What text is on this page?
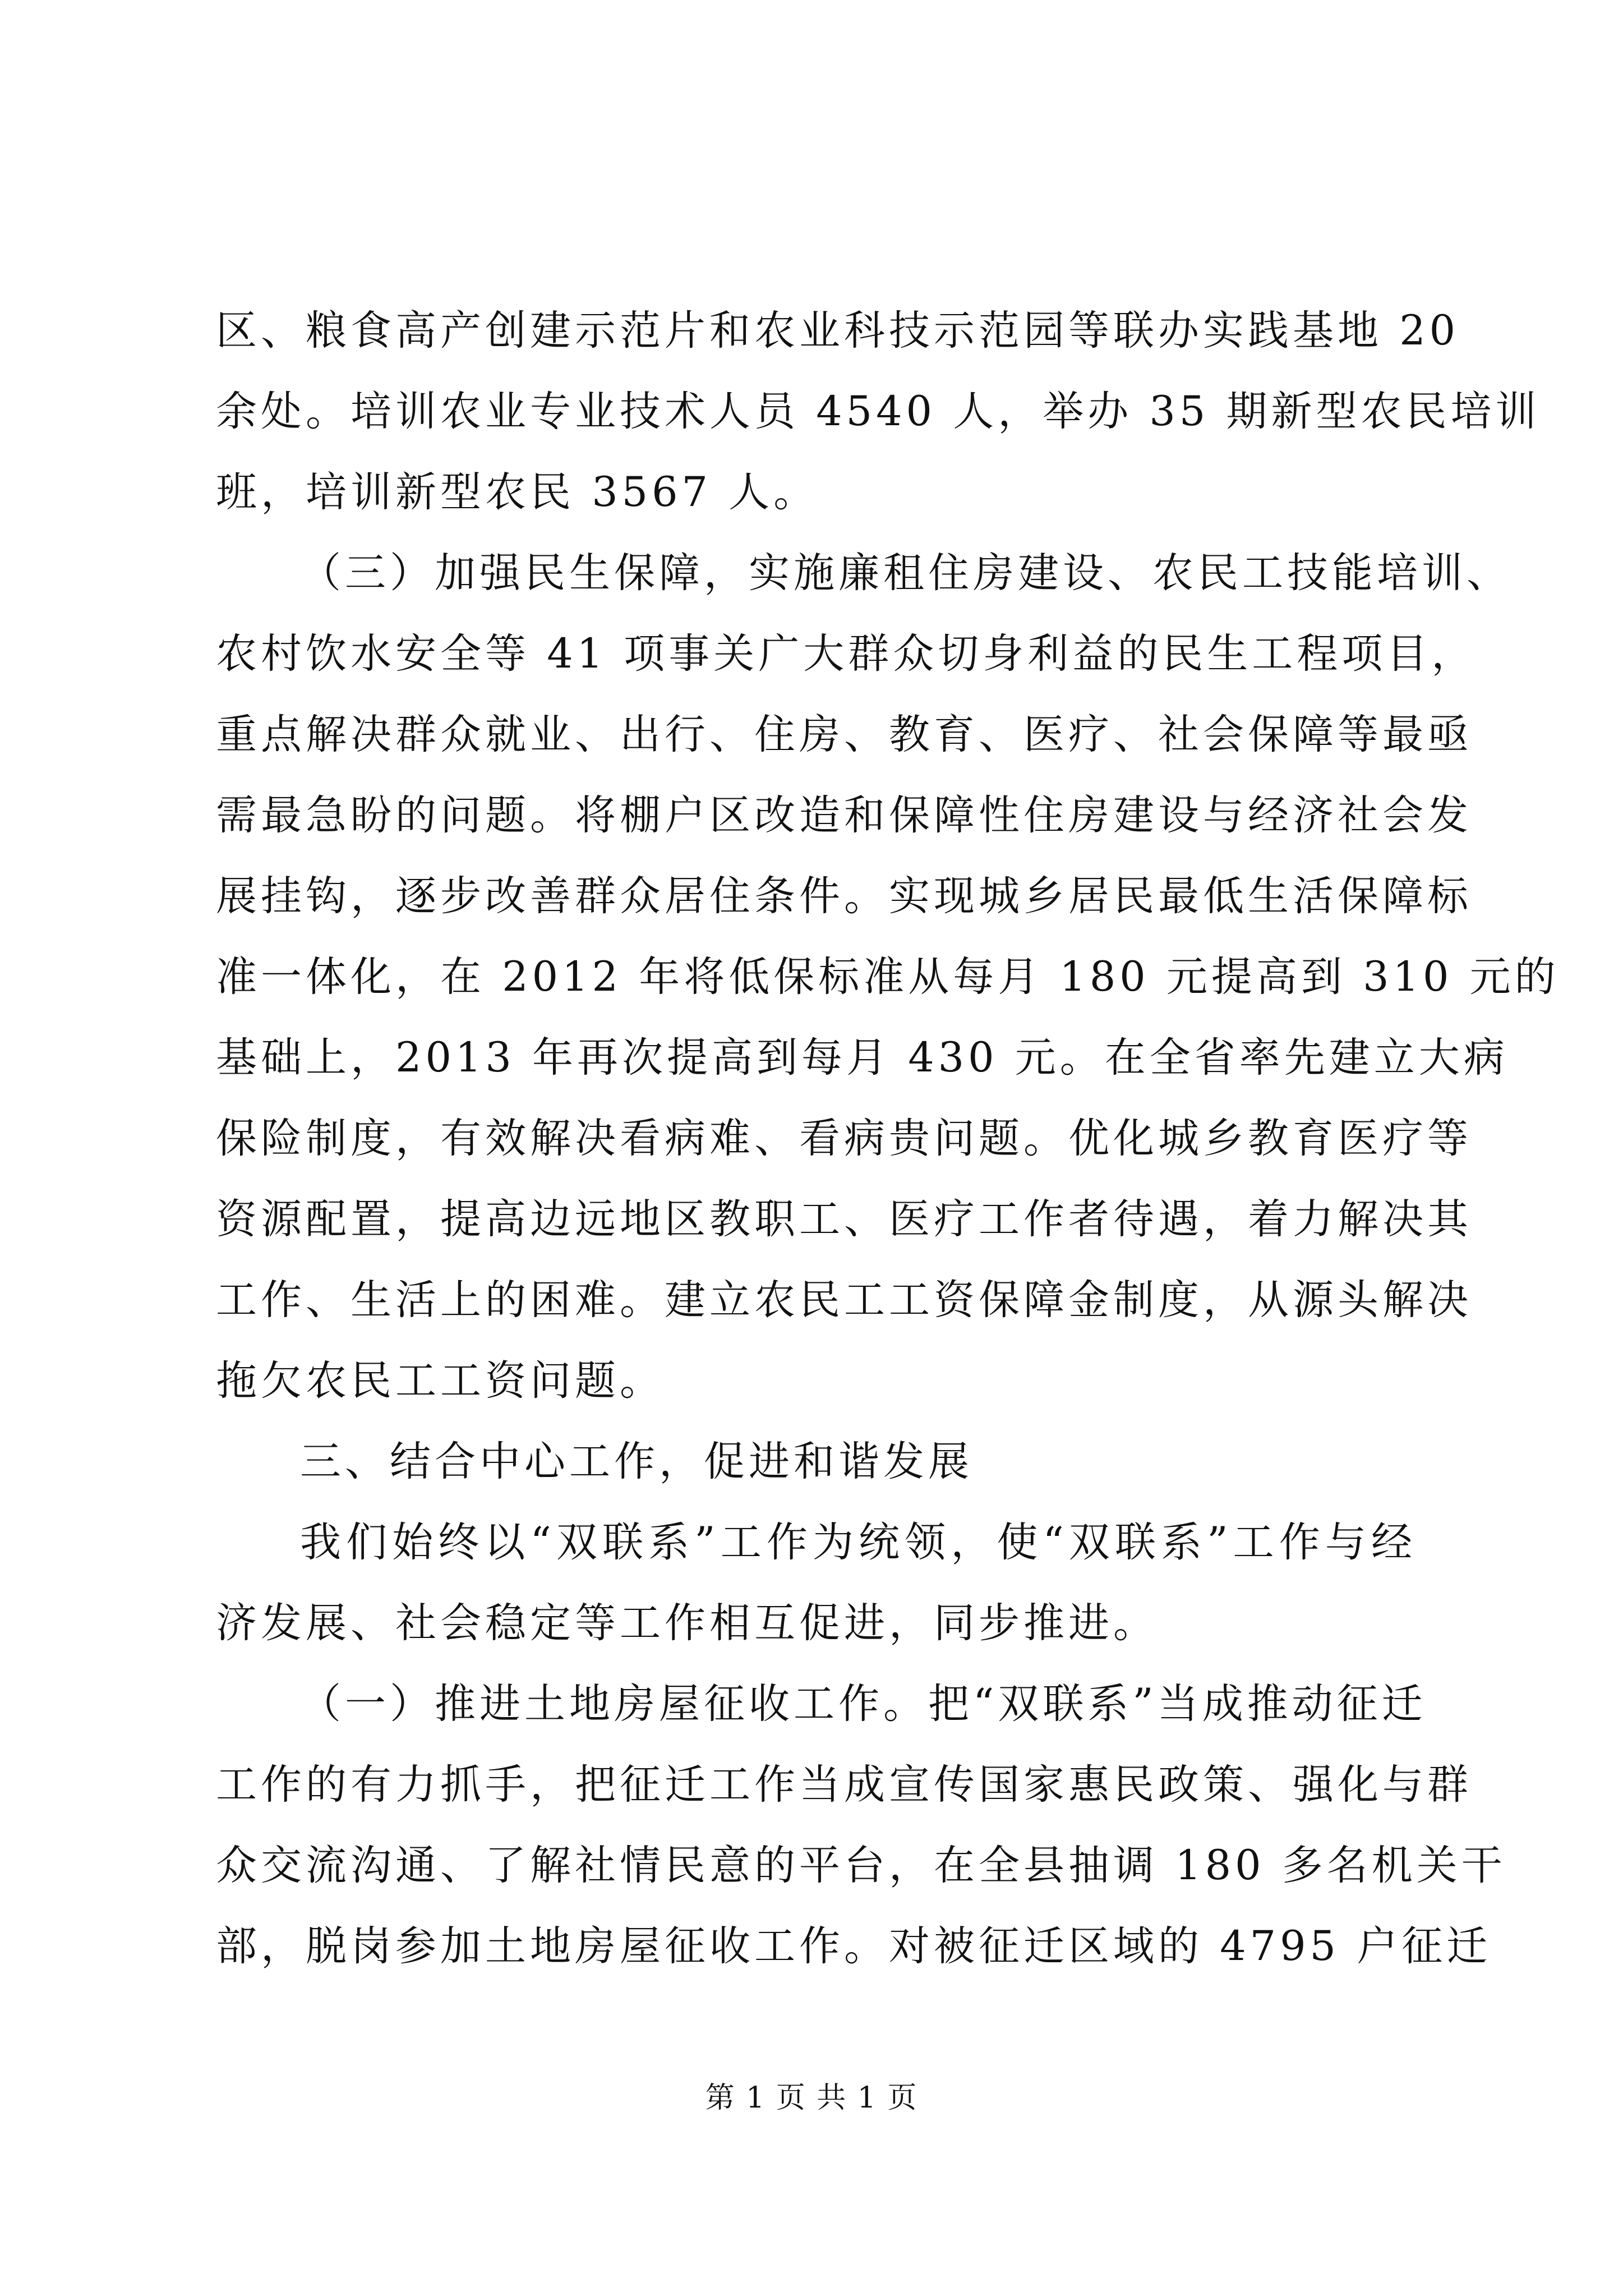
区、粮食高产创建示范片和农业科技示范园等联办实践基地 20
余处。培训农业专业技术人员 4540 人，举办 35 期新型农民培训
班，培训新型农民 3567 人。
（三）加强民生保障，实施廉租住房建设、农民工技能培训、
农村饮水安全等 41 项事关广大群众切身利益的民生工程项目，
重点解决群众就业、出行、住房、教育、医疗、社会保障等最亟
需最急盼的问题。将棚户区改造和保障性住房建设与经济社会发
展挂钩，逐步改善群众居住条件。实现城乡居民最低生活保障标
准一体化，在 2012 年将低保标准从每月 180 元提高到 310 元的
基础上，2013 年再次提高到每月 430 元。在全省率先建立大病
保险制度，有效解决看病难、看病贵问题。优化城乡教育医疗等
资源配置，提高边远地区教职工、医疗工作者待遇，着力解决其
工作、生活上的困难。建立农民工工资保障金制度，从源头解决
拖欠农民工工资问题。
三、结合中心工作，促进和谐发展
我们始终以“双联系”工作为统领，使“双联系”工作与经
济发展、社会稳定等工作相互促进，同步推进。
（一）推进土地房屋征收工作。把“双联系”当成推动征迁
工作的有力抓手，把征迁工作当成宣传国家惠民政策、强化与群
众交流沟通、了解社情民意的平台，在全县抽调 180 多名机关干
部，脱岗参加土地房屋征收工作。对被征迁区域的 4795 户征迁
第 1 页 共 1 页
